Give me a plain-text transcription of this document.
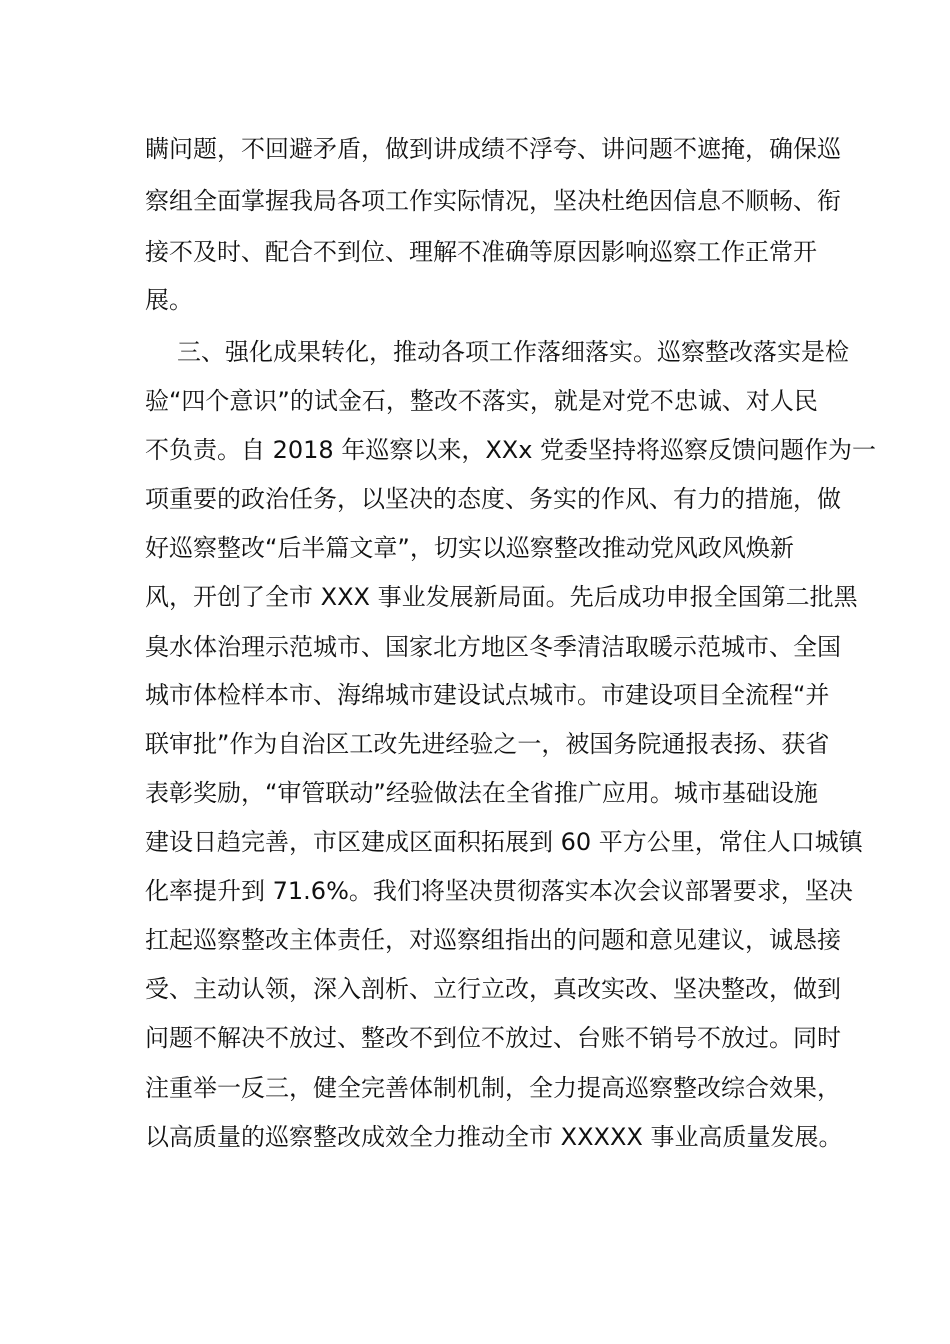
瞒问题，不回避矛盾，做到讲成绩不浮夸、讲问题不遮掩，确保巡
察组全面掌握我局各项工作实际情况，坚决杜绝因信息不顺畅、衔
接不及时、配合不到位、理解不准确等原因影响巡察工作正常开
展。
三、强化成果转化，推动各项工作落细落实。巡察整改落实是检
验“四个意识”的试金石，整改不落实，就是对党不忠诚、对人民
不负责。自 2018 年巡察以来，XXx 党委坚持将巡察反馈问题作为一
项重要的政治任务，以坚决的态度、务实的作风、有力的措施，做
好巡察整改“后半篇文章”，切实以巡察整改推动党风政风焕新
风，开创了全市 XXX 事业发展新局面。先后成功申报全国第二批黑
臭水体治理示范城市、国家北方地区冬季清洁取暖示范城市、全国
城市体检样本市、海绵城市建设试点城市。市建设项目全流程“并
联审批”作为自治区工改先进经验之一，被国务院通报表扬、获省
表彰奖励，“审管联动”经验做法在全省推广应用。城市基础设施
建设日趋完善，市区建成区面积拓展到 60 平方公里，常住人口城镇
化率提升到 71.6%。我们将坚决贯彻落实本次会议部署要求，坚决
扛起巡察整改主体责任，对巡察组指出的问题和意见建议，诚恳接
受、主动认领，深入剖析、立行立改，真改实改、坚决整改，做到
问题不解决不放过、整改不到位不放过、台账不销号不放过。同时
注重举一反三，健全完善体制机制，全力提高巡察整改综合效果，
以高质量的巡察整改成效全力推动全市 XXXXX 事业高质量发展。
